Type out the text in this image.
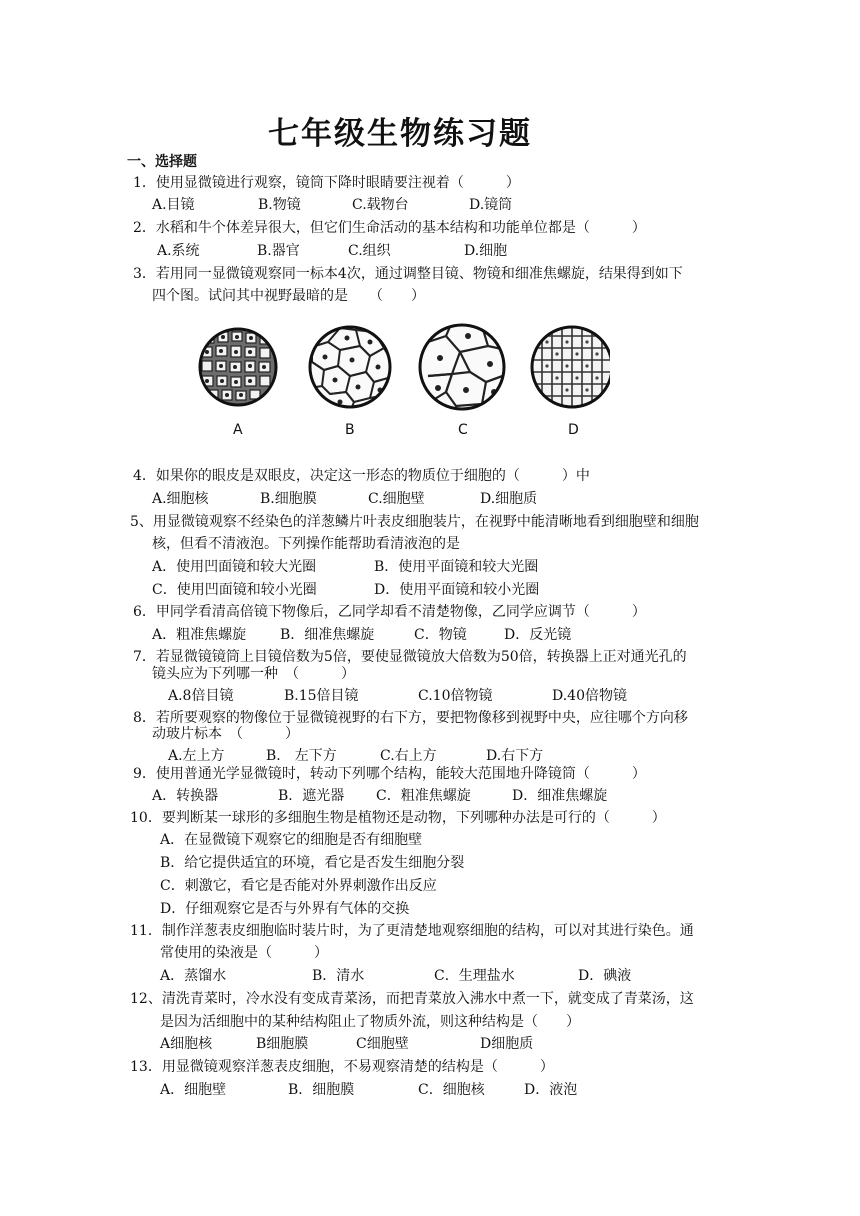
七年级生物练习题
一、选择题
1．使用显微镜进行观察，镜筒下降时眼睛要注视着（　　　）
A.目镜	B.物镜	C.载物台	D.镜筒
2．水稻和牛个体差异很大，但它们生命活动的基本结构和功能单位都是（　　　）
A.系统	B.器官	C.组织	D.细胞
3．若用同一显微镜观察同一标本4次，通过调整目镜、物镜和细准焦螺旋，结果得到如下
四个图。试问其中视野最暗的是　　（　　）
A	B	C	D
4．如果你的眼皮是双眼皮，决定这一形态的物质位于细胞的（　　　）中
A.细胞核	B.细胞膜	C.细胞壁	D.细胞质
5、用显微镜观察不经染色的洋葱鳞片叶表皮细胞装片，在视野中能清晰地看到细胞壁和细胞
核，但看不清液泡。下列操作能帮助看清液泡的是
A．使用凹面镜和较大光圈	B．使用平面镜和较大光圈
C．使用凹面镜和较小光圈	D．使用平面镜和较小光圈
6．甲同学看清高倍镜下物像后，乙同学却看不清楚物像，乙同学应调节（　　　）
A．粗准焦螺旋 B．细准焦螺旋	C．物镜	D．反光镜
7．若显微镜镜筒上目镜倍数为5倍，要使显微镜放大倍数为50倍，转换器上正对通光孔的
镜头应为下列哪一种　（　　　）
A.8倍目镜	B.15倍目镜	C.10倍物镜	D.40倍物镜
8．若所要观察的物像位于显微镜视野的右下方，要把物像移到视野中央，应往哪个方向移
动玻片标本　（　　　）
A.左上方	B.　左下方	C.右上方	D.右下方
9．使用普通光学显微镜时，转动下列哪个结构，能较大范围地升降镜筒（　　　）
A．转换器	B．遮光器 C．粗准焦螺旋	D．细准焦螺旋
10．要判断某一球形的多细胞生物是植物还是动物，下列哪种办法是可行的（　　　）
A．在显微镜下观察它的细胞是否有细胞壁
B．给它提供适宜的环境，看它是否发生细胞分裂
C．刺激它，看它是否能对外界刺激作出反应
D．仔细观察它是否与外界有气体的交换
11．制作洋葱表皮细胞临时装片时，为了更清楚地观察细胞的结构，可以对其进行染色。通
常使用的染液是（　　　）
A．蒸馏水	B．清水	C．生理盐水	D．碘液
12、清洗青菜时，冷水没有变成青菜汤，而把青菜放入沸水中煮一下，就变成了青菜汤，这
是因为活细胞中的某种结构阻止了物质外流，则这种结构是（　　）
A细胞核	B细胞膜	C细胞壁	D细胞质
13．用显微镜观察洋葱表皮细胞，不易观察清楚的结构是（　　　）
A．细胞壁	B．细胞膜	C．细胞核	D．液泡
